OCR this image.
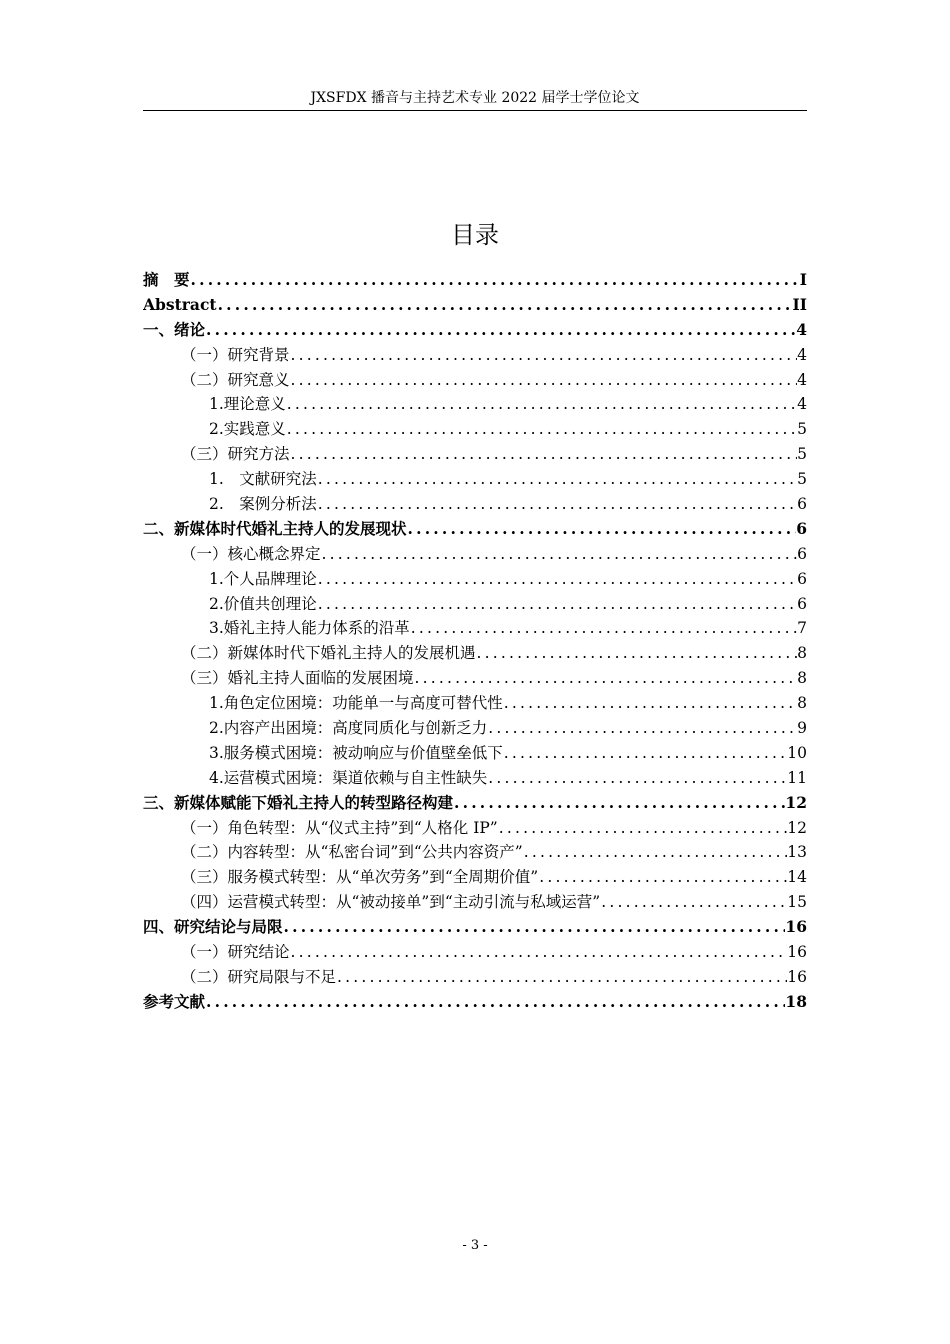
JXSFDX 播音与主持艺术专业 2022 届学士学位论文
目录
摘　要 .....	I
Abstract .....	II
一、绪论 .....	4
（一）研究背景 .....	4
（二）研究意义 .....	4
1.理论意义 .....	4
2.实践意义 .....	5
（三）研究方法 .....	5
1.　文献研究法 .....	5
2.　案例分析法 .....	6
二、新媒体时代婚礼主持人的发展现状 .....	6
（一）核心概念界定 .....	6
1.个人品牌理论 .....	6
2.价值共创理论 .....	6
3.婚礼主持人能力体系的沿革 .....	7
（二）新媒体时代下婚礼主持人的发展机遇 .....	8
（三）婚礼主持人面临的发展困境 .....	8
1.角色定位困境：功能单一与高度可替代性 .....	8
2.内容产出困境：高度同质化与创新乏力 .....	9
3.服务模式困境：被动响应与价值壁垒低下 .....	10
4.运营模式困境：渠道依赖与自主性缺失 .....	11
三、新媒体赋能下婚礼主持人的转型路径构建 .....	12
（一）角色转型：从“仪式主持”到“人格化 IP” .....	12
（二）内容转型：从“私密台词”到“公共内容资产” .....	13
（三）服务模式转型：从“单次劳务”到“全周期价值” .....	14
（四）运营模式转型：从“被动接单”到“主动引流与私域运营” .....	15
四、研究结论与局限 .....	16
（一）研究结论 .....	16
（二）研究局限与不足 .....	16
参考文献 .....	18
- 3 -
